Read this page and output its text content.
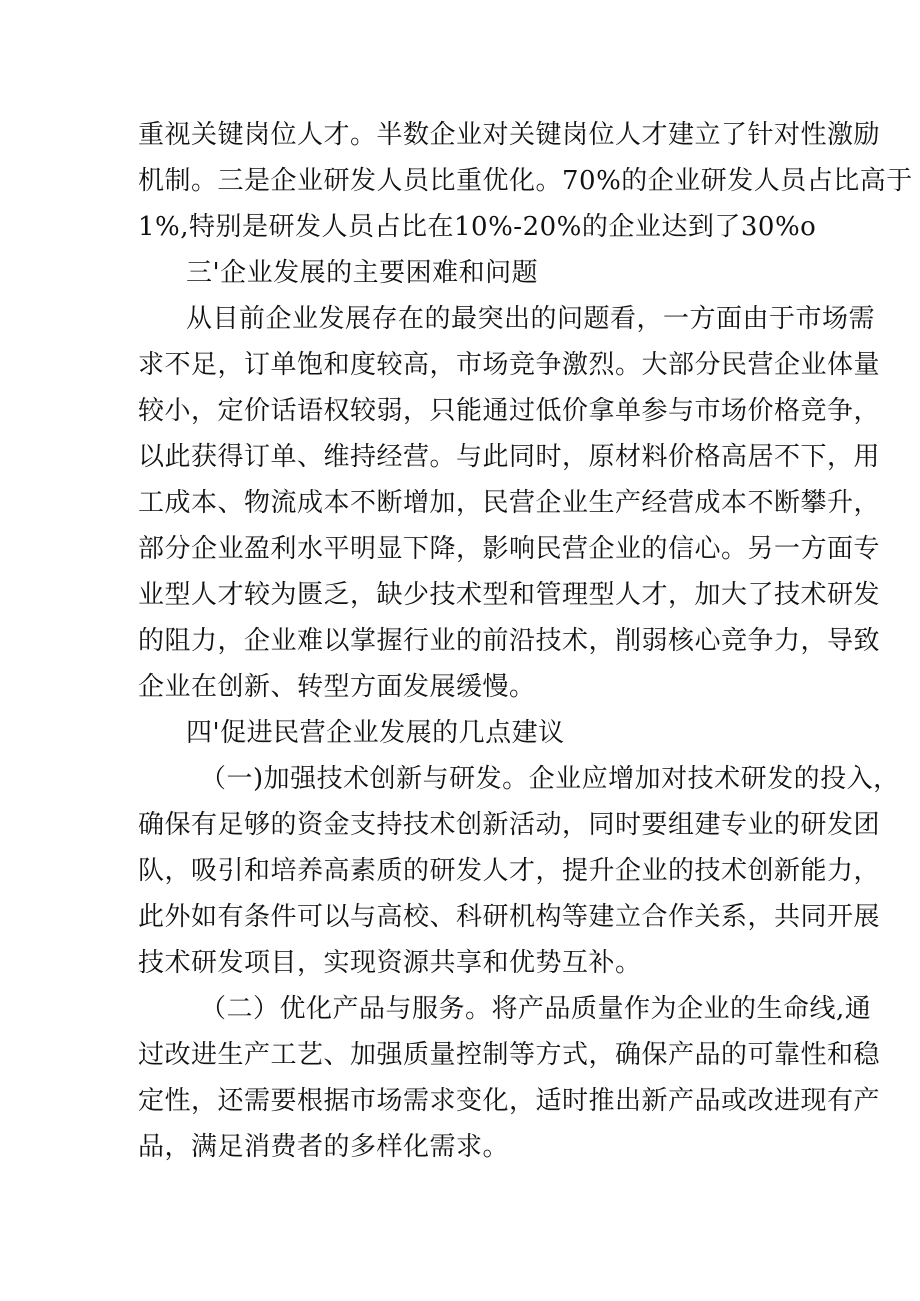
重视关键岗位人才。半数企业对关键岗位人才建立了针对性激励
机制。三是企业研发人员比重优化。70%的企业研发人员占比高于
1%,特别是研发人员占比在10%-20%的企业达到了30%o
三'企业发展的主要困难和问题
从目前企业发展存在的最突出的问题看，一方面由于市场需
求不足，订单饱和度较高，市场竞争激烈。大部分民营企业体量
较小，定价话语权较弱，只能通过低价拿单参与市场价格竞争，
以此获得订单、维持经营。与此同时，原材料价格高居不下，用
工成本、物流成本不断增加，民营企业生产经营成本不断攀升，
部分企业盈利水平明显下降，影响民营企业的信心。另一方面专
业型人才较为匮乏，缺少技术型和管理型人才，加大了技术研发
的阻力，企业难以掌握行业的前沿技术，削弱核心竞争力，导致
企业在创新、转型方面发展缓慢。
四'促进民营企业发展的几点建议
（一)加强技术创新与研发。企业应增加对技术研发的投入，
确保有足够的资金支持技术创新活动，同时要组建专业的研发团
队，吸引和培养高素质的研发人才，提升企业的技术创新能力，
此外如有条件可以与高校、科研机构等建立合作关系，共同开展
技术研发项目，实现资源共享和优势互补。
（二）优化产品与服务。将产品质量作为企业的生命线,通
过改进生产工艺、加强质量控制等方式，确保产品的可靠性和稳
定性，还需要根据市场需求变化，适时推出新产品或改进现有产
品，满足消费者的多样化需求。
